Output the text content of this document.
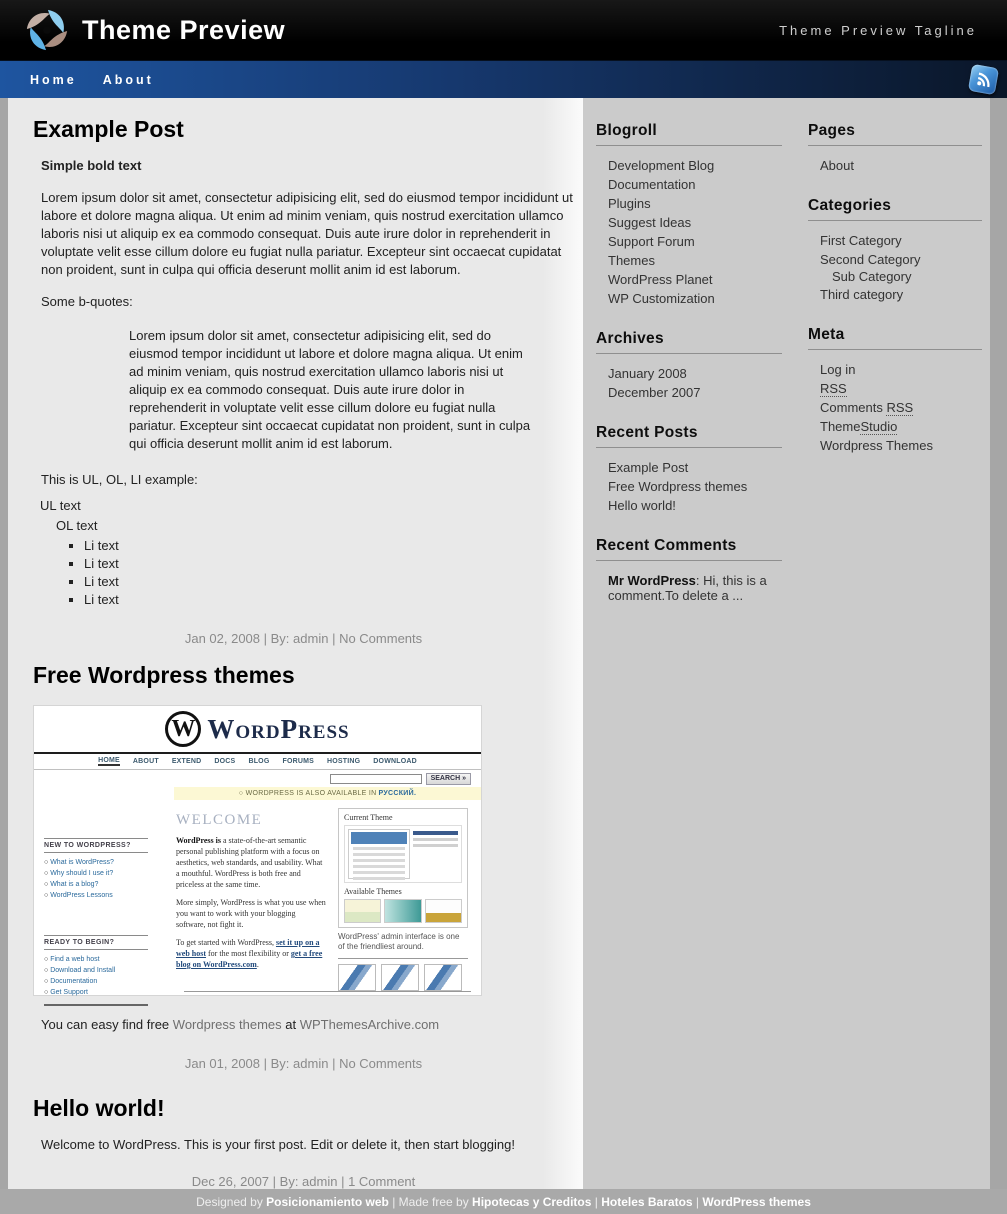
Theme Preview	Theme Preview Tagline
Home About
Example Post

Simple bold text

Lorem ipsum dolor sit amet, consectetur adipisicing elit, sed do eiusmod tempor incididunt ut labore et dolore magna aliqua. Ut enim ad minim veniam, quis nostrud exercitation ullamco laboris nisi ut aliquip ex ea commodo consequat. Duis aute irure dolor in reprehenderit in voluptate velit esse cillum dolore eu fugiat nulla pariatur. Excepteur sint occaecat cupidatat non proident, sunt in culpa qui officia deserunt mollit anim id est laborum.

Some b-quotes:

Lorem ipsum dolor sit amet, consectetur adipisicing elit, sed do eiusmod tempor incididunt ut labore et dolore magna aliqua. Ut enim ad minim veniam, quis nostrud exercitation ullamco laboris nisi ut aliquip ex ea commodo consequat. Duis aute irure dolor in reprehenderit in voluptate velit esse cillum dolore eu fugiat nulla pariatur. Excepteur sint occaecat cupidatat non proident, sunt in culpa qui officia deserunt mollit anim id est laborum.

This is UL, OL, LI example:

UL text
OL text
▪ Li text
▪ Li text
▪ Li text
▪ Li text
Jan 02, 2008 | By: admin | No Comments
Free Wordpress themes
W WordPress
HOME ABOUT EXTEND DOCS BLOG FORUMS HOSTING DOWNLOAD
SEARCH »
○ WORDPRESS IS ALSO AVAILABLE IN РУССКИЙ.
NEW TO WORDPRESS?
○ What is WordPress?
○ Why should I use it?
○ What is a blog?
○ WordPress Lessons
READY TO BEGIN?
○ Find a web host
○ Download and Install
○ Documentation
○ Get Support
WELCOME

WordPress is a state-of-the-art semantic personal publishing platform with a focus on aesthetics, web standards, and usability. What a mouthful. WordPress is both free and priceless at the same time.

More simply, WordPress is what you use when you want to work with your blogging software, not fight it.

To get started with WordPress, set it up on a web host for the most flexibility or get a free blog on WordPress.com.

Current Theme
Available Themes
WordPress' admin interface is one of the friendliest around.

You can easy find free Wordpress themes at WPThemesArchive.com

Jan 01, 2008 | By: admin | No Comments
Hello world!

Welcome to WordPress. This is your first post. Edit or delete it, then start blogging!

Dec 26, 2007 | By: admin | 1 Comment
Blogroll
Development Blog
Documentation
Plugins
Suggest Ideas
Support Forum
Themes
WordPress Planet
WP Customization
Archives
January 2008
December 2007
Recent Posts
Example Post
Free Wordpress themes
Hello world!
Recent Comments
Mr WordPress: Hi, this is a comment.To delete a ...
Pages
About
Categories
First Category
Second Category
Sub Category
Third category
Meta
Log in
RSS
Comments RSS
ThemeStudio
Wordpress Themes
Designed by Posicionamiento web | Made free by Hipotecas y Creditos | Hoteles Baratos | WordPress themes
